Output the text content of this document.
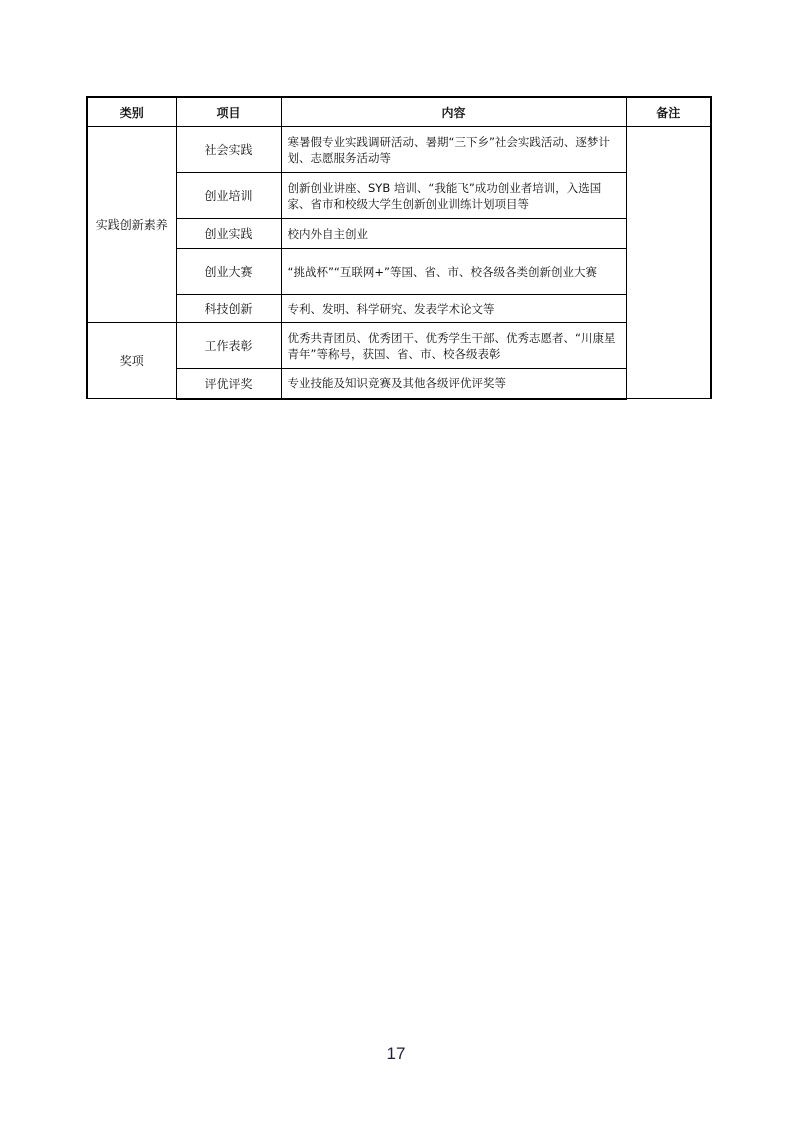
类别	项目	内容	备注
实践创新素养	社会实践	寒暑假专业实践调研活动、暑期“三下乡”社会实践活动、逐梦计划、志愿服务活动等	
	创业培训	创新创业讲座、SYB 培训、“我能飞”成功创业者培训，入选国家、省市和校级大学生创新创业训练计划项目等	
	创业实践	校内外自主创业	
	创业大赛	“挑战杯”“互联网+”等国、省、市、校各级各类创新创业大赛	
	科技创新	专利、发明、科学研究、发表学术论文等	
奖项	工作表彰	优秀共青团员、优秀团干、优秀学生干部、优秀志愿者、“川康星青年”等称号，获国、省、市、校各级表彰	
	评优评奖	专业技能及知识竞赛及其他各级评优评奖等	
17
